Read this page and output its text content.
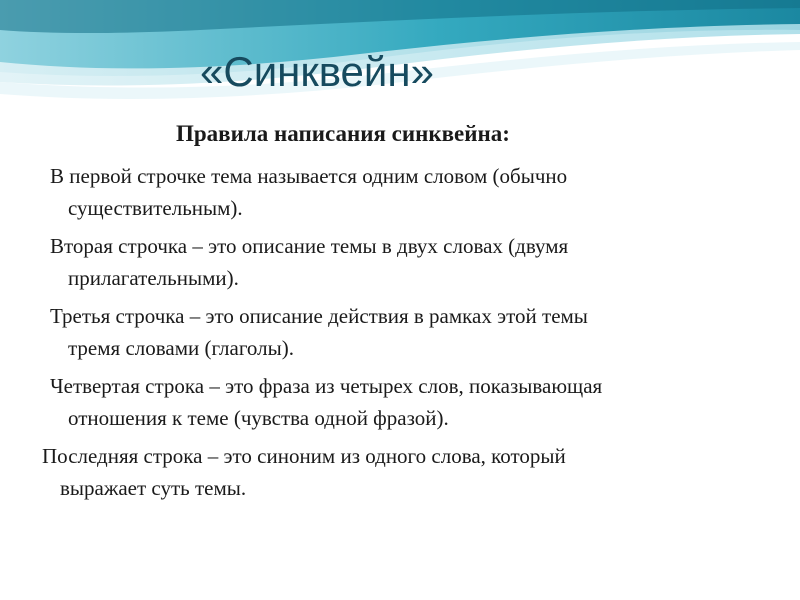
«Синквейн»
Правила написания синквейна:

В первой строчке тема называется одним словом (обычно
существительным).

Вторая строчка – это описание темы в двух словах (двумя
прилагательными).

Третья строчка – это описание действия в рамках этой темы
тремя словами (глаголы).

Четвертая строка – это фраза из четырех слов, показывающая
отношения к теме (чувства одной фразой).

Последняя строка – это синоним из одного слова, который
выражает суть темы.
